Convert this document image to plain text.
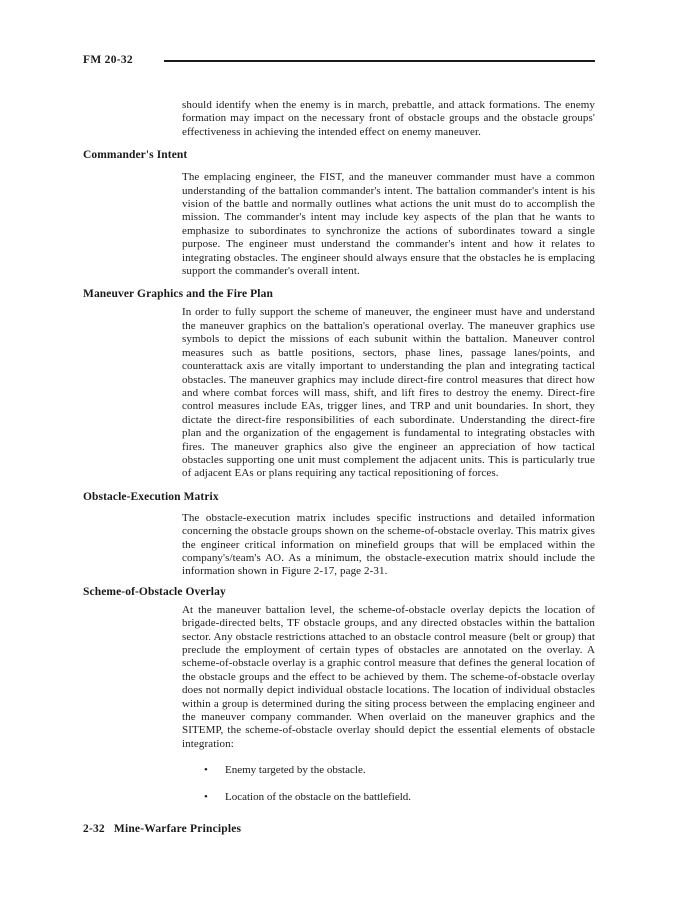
FM 20-32

should identify when the enemy is in march, prebattle, and attack formations. The enemy formation may impact on the necessary front of obstacle groups and the obstacle groups' effectiveness in achieving the intended effect on enemy maneuver.

Commander's Intent

The emplacing engineer, the FIST, and the maneuver commander must have a common understanding of the battalion commander's intent. The battalion commander's intent is his vision of the battle and normally outlines what actions the unit must do to accomplish the mission. The commander's intent may include key aspects of the plan that he wants to emphasize to subordinates to synchronize the actions of subordinates toward a single purpose. The engineer must understand the commander's intent and how it relates to integrating obstacles. The engineer should always ensure that the obstacles he is emplacing support the commander's overall intent.

Maneuver Graphics and the Fire Plan

In order to fully support the scheme of maneuver, the engineer must have and understand the maneuver graphics on the battalion's operational overlay. The maneuver graphics use symbols to depict the missions of each subunit within the battalion. Maneuver control measures such as battle positions, sectors, phase lines, passage lanes/points, and counterattack axis are vitally important to understanding the plan and integrating tactical obstacles. The maneuver graphics may include direct-fire control measures that direct how and where combat forces will mass, shift, and lift fires to destroy the enemy. Direct-fire control measures include EAs, trigger lines, and TRP and unit boundaries. In short, they dictate the direct-fire responsibilities of each subordinate. Understanding the direct-fire plan and the organization of the engagement is fundamental to integrating obstacles with fires. The maneuver graphics also give the engineer an appreciation of how tactical obstacles supporting one unit must complement the adjacent units. This is particularly true of adjacent EAs or plans requiring any tactical repositioning of forces.

Obstacle-Execution Matrix

The obstacle-execution matrix includes specific instructions and detailed information concerning the obstacle groups shown on the scheme-of-obstacle overlay. This matrix gives the engineer critical information on minefield groups that will be emplaced within the company's/team's AO. As a minimum, the obstacle-execution matrix should include the information shown in Figure 2-17, page 2-31.

Scheme-of-Obstacle Overlay

At the maneuver battalion level, the scheme-of-obstacle overlay depicts the location of brigade-directed belts, TF obstacle groups, and any directed obstacles within the battalion sector. Any obstacle restrictions attached to an obstacle control measure (belt or group) that preclude the employment of certain types of obstacles are annotated on the overlay. A scheme-of-obstacle overlay is a graphic control measure that defines the general location of the obstacle groups and the effect to be achieved by them. The scheme-of-obstacle overlay does not normally depict individual obstacle locations. The location of individual obstacles within a group is determined during the siting process between the emplacing engineer and the maneuver company commander. When overlaid on the maneuver graphics and the SITEMP, the scheme-of-obstacle overlay should depict the essential elements of obstacle integration:

•	Enemy targeted by the obstacle.
•	Location of the obstacle on the battlefield.
2-32 Mine-Warfare Principles
